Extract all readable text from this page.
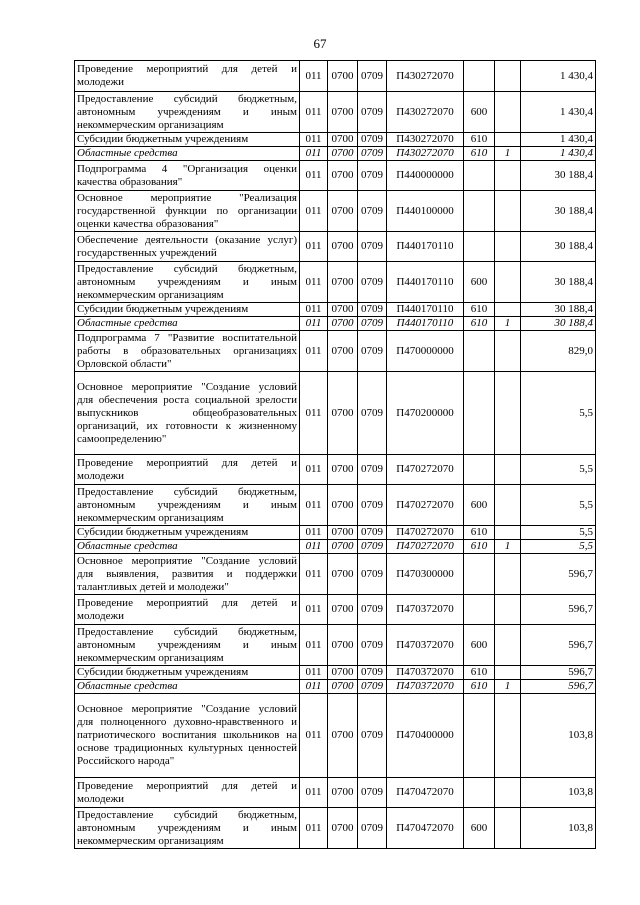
67
Проведение мероприятий для детей и молодежи	011	0700	0709	П430272070			1 430,4
Предоставление субсидий бюджетным, автономным учреждениям и иным некоммерческим организациям	011	0700	0709	П430272070	600		1 430,4
Субсидии бюджетным учреждениям	011	0700	0709	П430272070	610		1 430,4
Областные средства	011	0700	0709	П430272070	610	1	1 430,4
Подпрограмма 4 "Организация оценки качества образования"	011	0700	0709	П440000000			30 188,4
Основное мероприятие "Реализация государственной функции по организации оценки качества образования"	011	0700	0709	П440100000			30 188,4
Обеспечение деятельности (оказание услуг) государственных учреждений	011	0700	0709	П440170110			30 188,4
Предоставление субсидий бюджетным, автономным учреждениям и иным некоммерческим организациям	011	0700	0709	П440170110	600		30 188,4
Субсидии бюджетным учреждениям	011	0700	0709	П440170110	610		30 188,4
Областные средства	011	0700	0709	П440170110	610	1	30 188,4
Подпрограмма 7 "Развитие воспитательной работы в образовательных организациях Орловской области"	011	0700	0709	П470000000			829,0
Основное мероприятие "Создание условий для обеспечения роста социальной зрелости выпускников общеобразовательных организаций, их готовности к жизненному самоопределению"	011	0700	0709	П470200000			5,5
Проведение мероприятий для детей и молодежи	011	0700	0709	П470272070			5,5
Предоставление субсидий бюджетным, автономным учреждениям и иным некоммерческим организациям	011	0700	0709	П470272070	600		5,5
Субсидии бюджетным учреждениям	011	0700	0709	П470272070	610		5,5
Областные средства	011	0700	0709	П470272070	610	1	5,5
Основное мероприятие "Создание условий для выявления, развития и поддержки талантливых детей и молодежи"	011	0700	0709	П470300000			596,7
Проведение мероприятий для детей и молодежи	011	0700	0709	П470372070			596,7
Предоставление субсидий бюджетным, автономным учреждениям и иным некоммерческим организациям	011	0700	0709	П470372070	600		596,7
Субсидии бюджетным учреждениям	011	0700	0709	П470372070	610		596,7
Областные средства	011	0700	0709	П470372070	610	1	596,7
Основное мероприятие "Создание условий для полноценного духовно-нравственного и патриотического воспитания школьников на основе традиционных культурных ценностей Российского народа"	011	0700	0709	П470400000			103,8
Проведение мероприятий для детей и молодежи	011	0700	0709	П470472070			103,8
Предоставление субсидий бюджетным, автономным учреждениям и иным некоммерческим организациям	011	0700	0709	П470472070	600		103,8
